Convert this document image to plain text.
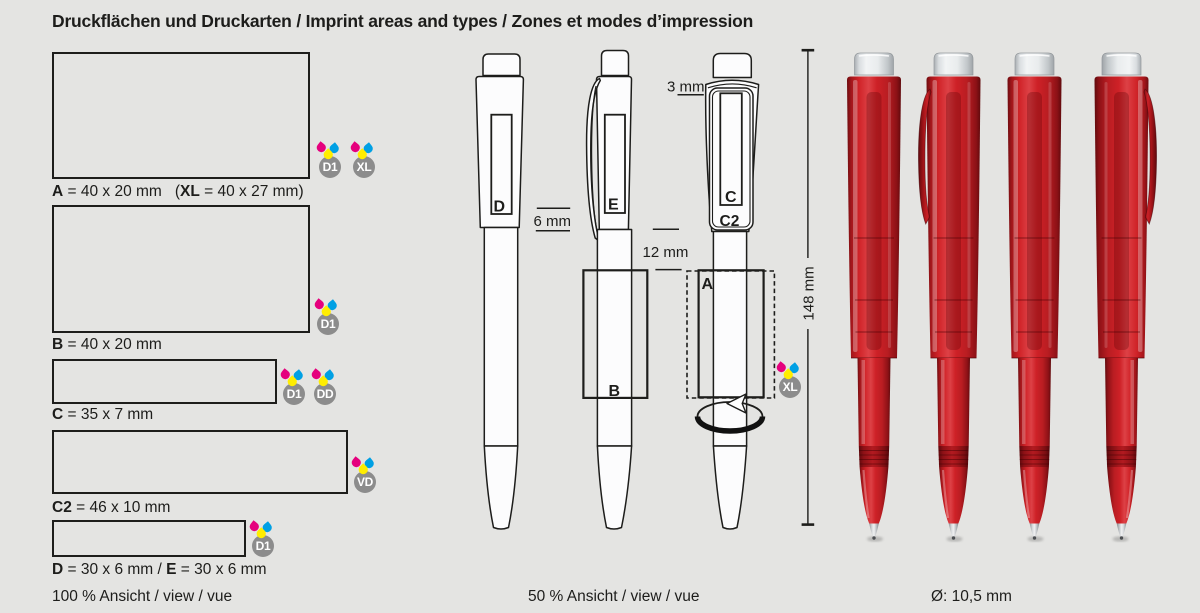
Druckflächen und Druckarten / Imprint areas and types / Zones et modes d’impression
A = 40 x 20 mm (XL = 40 x 27 mm)
B = 40 x 20 mm
C = 35 x 7 mm
C2 = 46 x 10 mm
D = 30 x 6 mm / E = 30 x 6 mm
D1	XL
D1
D1	DD
VD
D1
XL
D	E	C
C2
B
A
3 mm
6 mm
12 mm
148 mm
100 % Ansicht / view / vue	50 % Ansicht / view / vue	Ø: 10,5 mm
